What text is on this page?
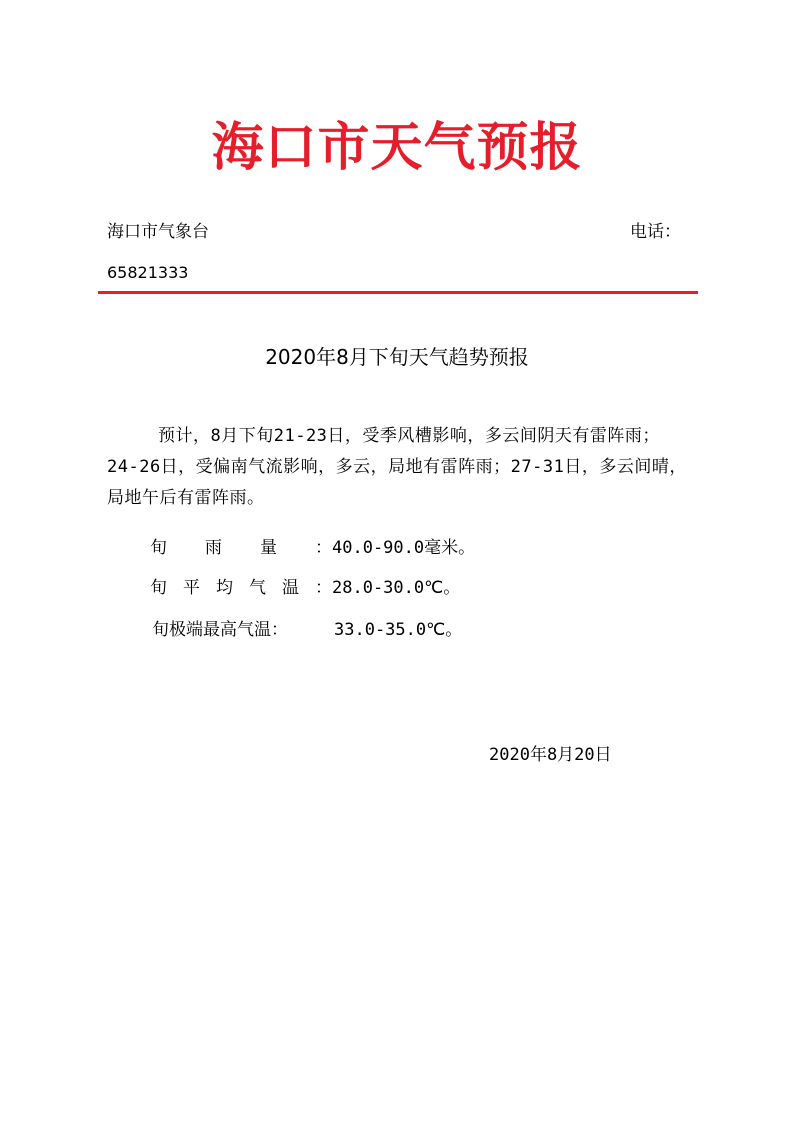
海口市天气预报
海口市气象台	电话：
65821333
2020年8月下旬天气趋势预报
预计，8月下旬21-23日，受季风槽影响，多云间阴天有雷阵雨；24-26日，受偏南气流影响，多云，局地有雷阵雨；27-31日，多云间晴，局地午后有雷阵雨。
旬雨量：40.0-90.0毫米。
旬平均气温：28.0-30.0℃。
旬极端最高气温：	33.0-35.0℃。
2020年8月20日
